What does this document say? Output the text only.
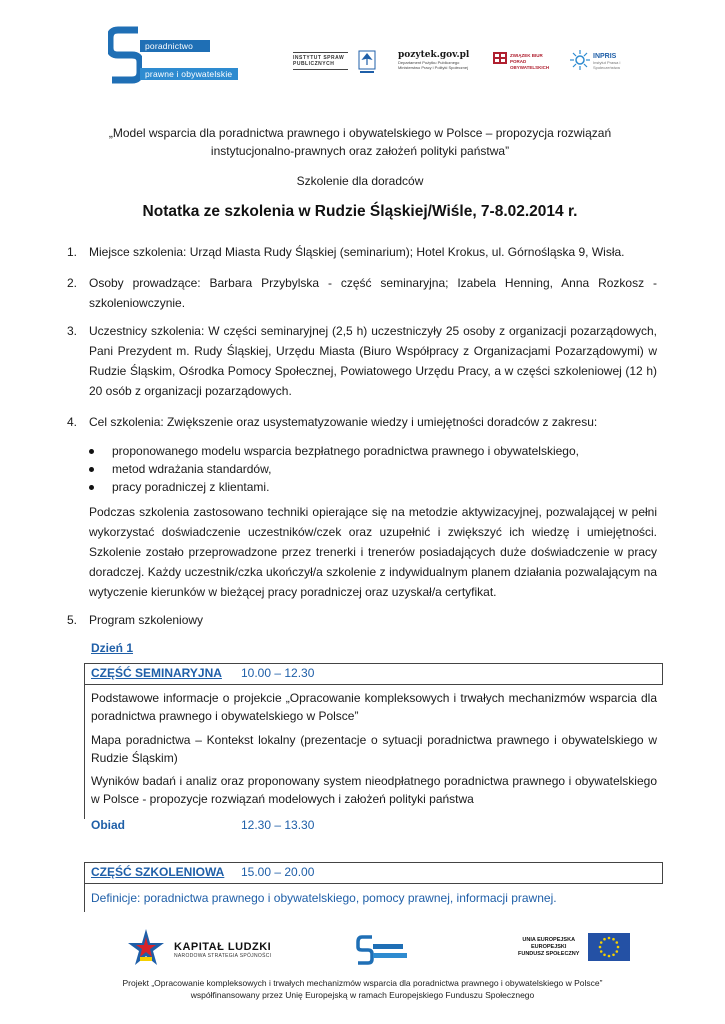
poradnictwo
prawne i obywatelskie
INSTYTUT SPRAW
PUBLICZNYCH
pozytek.gov.pl
Departament Pożytku Publicznego
Ministerstwo Pracy i Polityki Społecznej
ZWIĄZEK BIUR
PORAD OBYWATELSKICH
INPRIS
Instytut Prawa i Społeczeństwa
„Model wsparcia dla poradnictwa prawnego i obywatelskiego w Polsce – propozycja rozwiązań
instytucjonalno-prawnych oraz założeń polityki państwa”
Szkolenie dla doradców
Notatka ze szkolenia w Rudzie Śląskiej/Wiśle, 7-8.02.2014 r.
1. Miejsce szkolenia: Urząd Miasta Rudy Śląskiej (seminarium); Hotel Krokus, ul. Górnośląska 9, Wisła.
2. Osoby prowadzące: Barbara Przybylska - część seminaryjna; Izabela Henning, Anna Rozkosz - szkoleniowczynie.
3. Uczestnicy szkolenia: W części seminaryjnej (2,5 h) uczestniczyły 25 osoby z organizacji pozarządowych, Pani Prezydent m. Rudy Śląskiej, Urzędu Miasta (Biuro Współpracy z Organizacjami Pozarządowymi) w Rudzie Śląskim, Ośrodka Pomocy Społecznej, Powiatowego Urzędu Pracy, a w części szkoleniowej (12 h) 20 osób z organizacji pozarządowych.
4. Cel szkolenia: Zwiększenie oraz usystematyzowanie wiedzy i umiejętności doradców z zakresu:
proponowanego modelu wsparcia bezpłatnego poradnictwa prawnego i obywatelskiego,
metod wdrażania standardów,
pracy poradniczej z klientami.
Podczas szkolenia zastosowano techniki opierające się na metodzie aktywizacyjnej, pozwalającej w pełni wykorzystać doświadczenie uczestników/czek oraz uzupełnić i zwiększyć ich wiedzę i umiejętności. Szkolenie zostało przeprowadzone przez trenerki i trenerów posiadających duże doświadczenie w pracy doradczej. Każdy uczestnik/czka ukończył/a szkolenie z indywidualnym planem działania pozwalającym na wytyczenie kierunków w bieżącej pracy poradniczej oraz uzyskał/a certyfikat.
5. Program szkoleniowy
Dzień 1
CZĘŚĆ SEMINARYJNA 10.00 – 12.30
Podstawowe informacje o projekcie „Opracowanie kompleksowych i trwałych mechanizmów wsparcia dla poradnictwa prawnego i obywatelskiego w Polsce”
Mapa poradnictwa – Kontekst lokalny (prezentacje o sytuacji poradnictwa prawnego i obywatelskiego w Rudzie Śląskim)
Wyników badań i analiz oraz proponowany system nieodpłatnego poradnictwa prawnego i obywatelskiego w Polsce - propozycje rozwiązań modelowych i założeń polityki państwa
Obiad	12.30 – 13.30
CZĘŚĆ SZKOLENIOWA 15.00 – 20.00
Definicje: poradnictwa prawnego i obywatelskiego, pomocy prawnej, informacji prawnej.
KAPITAŁ LUDZKI
NARODOWA STRATEGIA SPÓJNOŚCI
UNIA EUROPEJSKA
EUROPEJSKI
FUNDUSZ SPOŁECZNY
Projekt „Opracowanie kompleksowych i trwałych mechanizmów wsparcia dla poradnictwa prawnego i obywatelskiego w Polsce”
współfinansowany przez Unię Europejską w ramach Europejskiego Funduszu Społecznego
